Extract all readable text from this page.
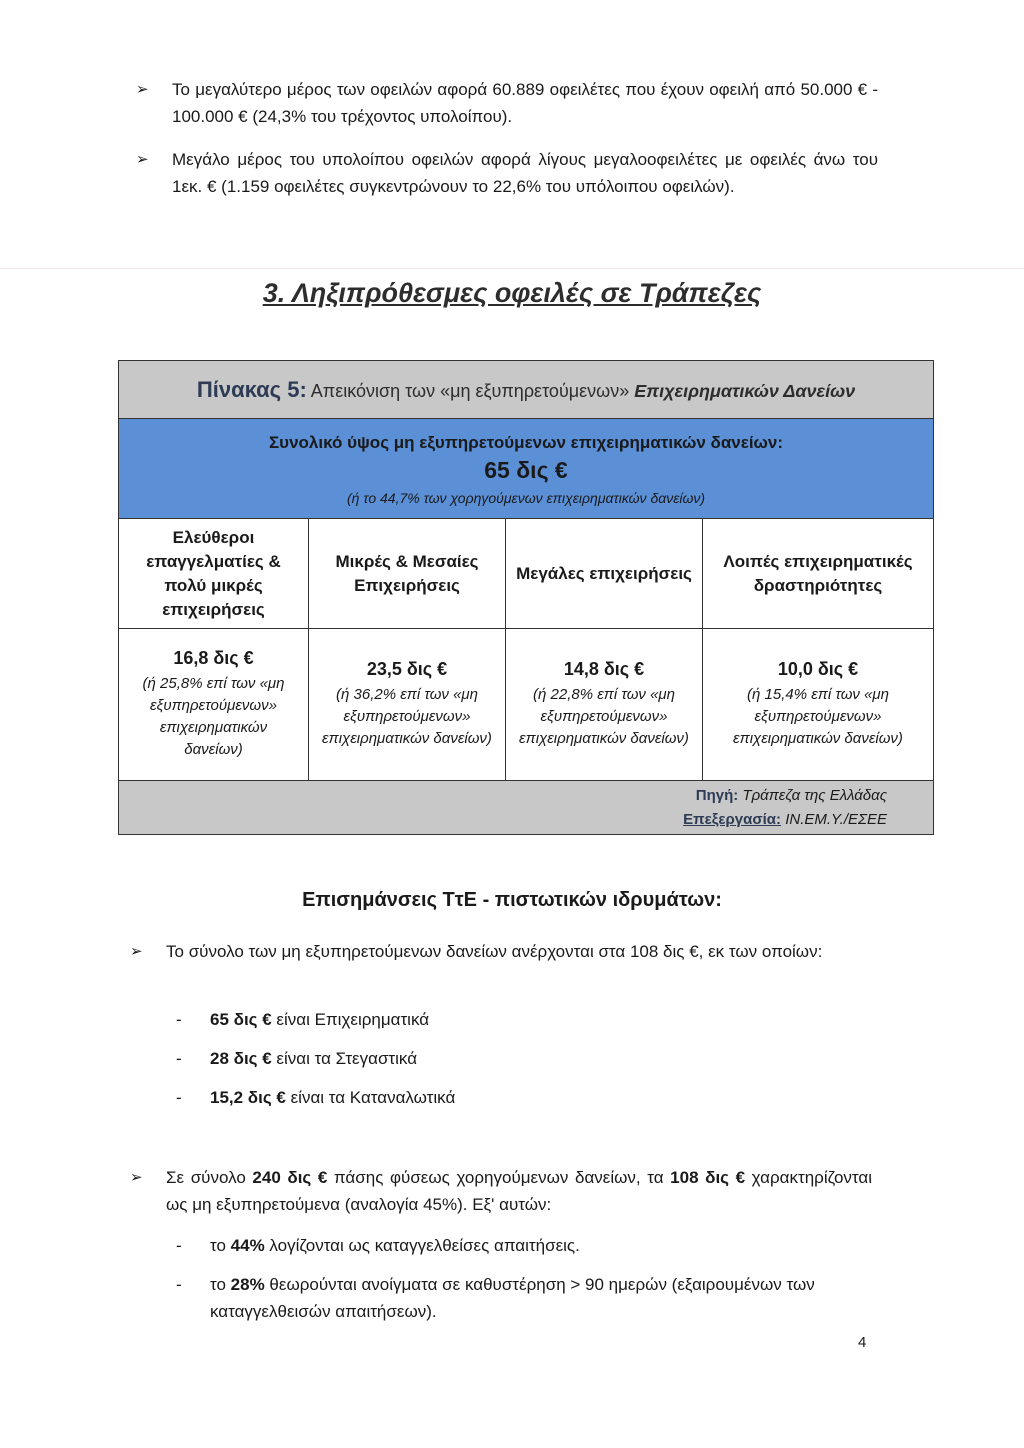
➢ Το μεγαλύτερο μέρος των οφειλών αφορά 60.889 οφειλέτες που έχουν οφειλή από 50.000 € - 100.000 € (24,3% του τρέχοντος υπολοίπου).
➢ Μεγάλο μέρος του υπολοίπου οφειλών αφορά λίγους μεγαλοοφειλέτες με οφειλές άνω του 1εκ. € (1.159 οφειλέτες συγκεντρώνουν το 22,6% του υπόλοιπου οφειλών).
3. Ληξιπρόθεσμες οφειλές σε Τράπεζες
Πίνακας 5: Απεικόνιση των «μη εξυπηρετούμενων» Επιχειρηματικών Δανείων
Συνολικό ύψος μη εξυπηρετούμενων επιχειρηματικών δανείων:
65 δις €
(ή το 44,7% των χορηγούμενων επιχειρηματικών δανείων)
Ελεύθεροι επαγγελματίες & πολύ μικρές επιχειρήσεις
Μικρές & Μεσαίες Επιχειρήσεις
Μεγάλες επιχειρήσεις
Λοιπές επιχειρηματικές δραστηριότητες
16,8 δις €
(ή 25,8% επί των «μη εξυπηρετούμενων» επιχειρηματικών δανείων)
23,5 δις €
(ή 36,2% επί των «μη εξυπηρετούμενων» επιχειρηματικών δανείων)
14,8 δις €
(ή 22,8% επί των «μη εξυπηρετούμενων» επιχειρηματικών δανείων)
10,0 δις €
(ή 15,4% επί των «μη εξυπηρετούμενων» επιχειρηματικών δανείων)
Πηγή: Τράπεζα της Ελλάδας
Επεξεργασία: IN.EM.Y./ΕΣΕΕ
Επισημάνσεις ΤτΕ - πιστωτικών ιδρυμάτων:
➢ Το σύνολο των μη εξυπηρετούμενων δανείων ανέρχονται στα 108 δις €, εκ των οποίων:
- 65 δις € είναι Επιχειρηματικά
- 28 δις € είναι τα Στεγαστικά
- 15,2 δις € είναι τα Καταναλωτικά
➢ Σε σύνολο 240 δις € πάσης φύσεως χορηγούμενων δανείων, τα 108 δις € χαρακτηρίζονται ως μη εξυπηρετούμενα (αναλογία 45%). Εξ' αυτών:
- το 44% λογίζονται ως καταγγελθείσες απαιτήσεις.
- το 28% θεωρούνται ανοίγματα σε καθυστέρηση > 90 ημερών (εξαιρουμένων των καταγγελθεισών απαιτήσεων).
4
